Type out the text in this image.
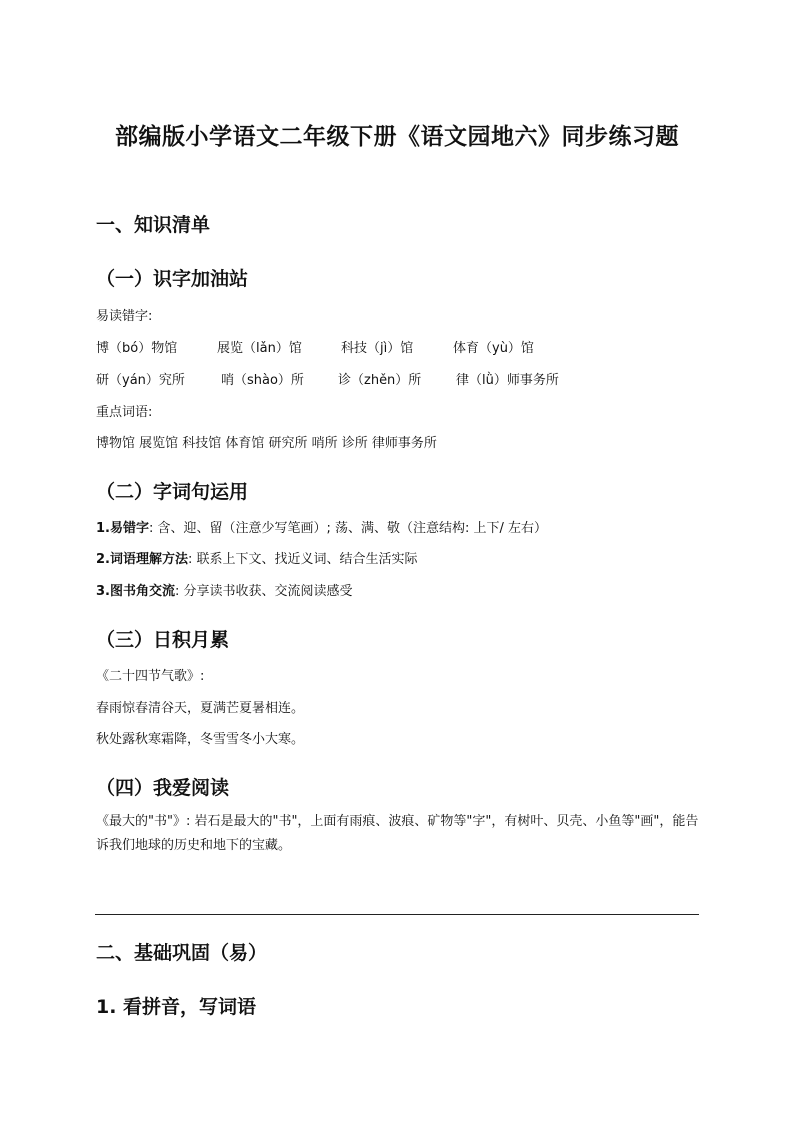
部编版小学语文二年级下册《语文园地六》同步练习题
一、知识清单
（一）识字加油站

易读错字:

博（bó）物馆	展览（lǎn）馆	科技（jì）馆	体育（yù）馆
研（yán）究所	哨（shào）所	诊（zhěn）所	律（lǜ）师事务所

重点词语:

博物馆 展览馆 科技馆 体育馆 研究所 哨所 诊所 律师事务所

（二）字词句运用

1.易错字: 含、迎、留（注意少写笔画）; 荡、满、敬（注意结构: 上下/ 左右）

2.词语理解方法: 联系上下文、找近义词、结合生活实际

3.图书角交流: 分享读书收获、交流阅读感受

（三）日积月累

《二十四节气歌》:

春雨惊春清谷天，夏满芒夏暑相连。

秋处露秋寒霜降，冬雪雪冬小大寒。

（四）我爱阅读

《最大的"书"》: 岩石是最大的"书"，上面有雨痕、波痕、矿物等"字"，有树叶、贝壳、小鱼等"画"，能告诉我们地球的历史和地下的宝藏。

二、基础巩固（易）
1. 看拼音，写词语
